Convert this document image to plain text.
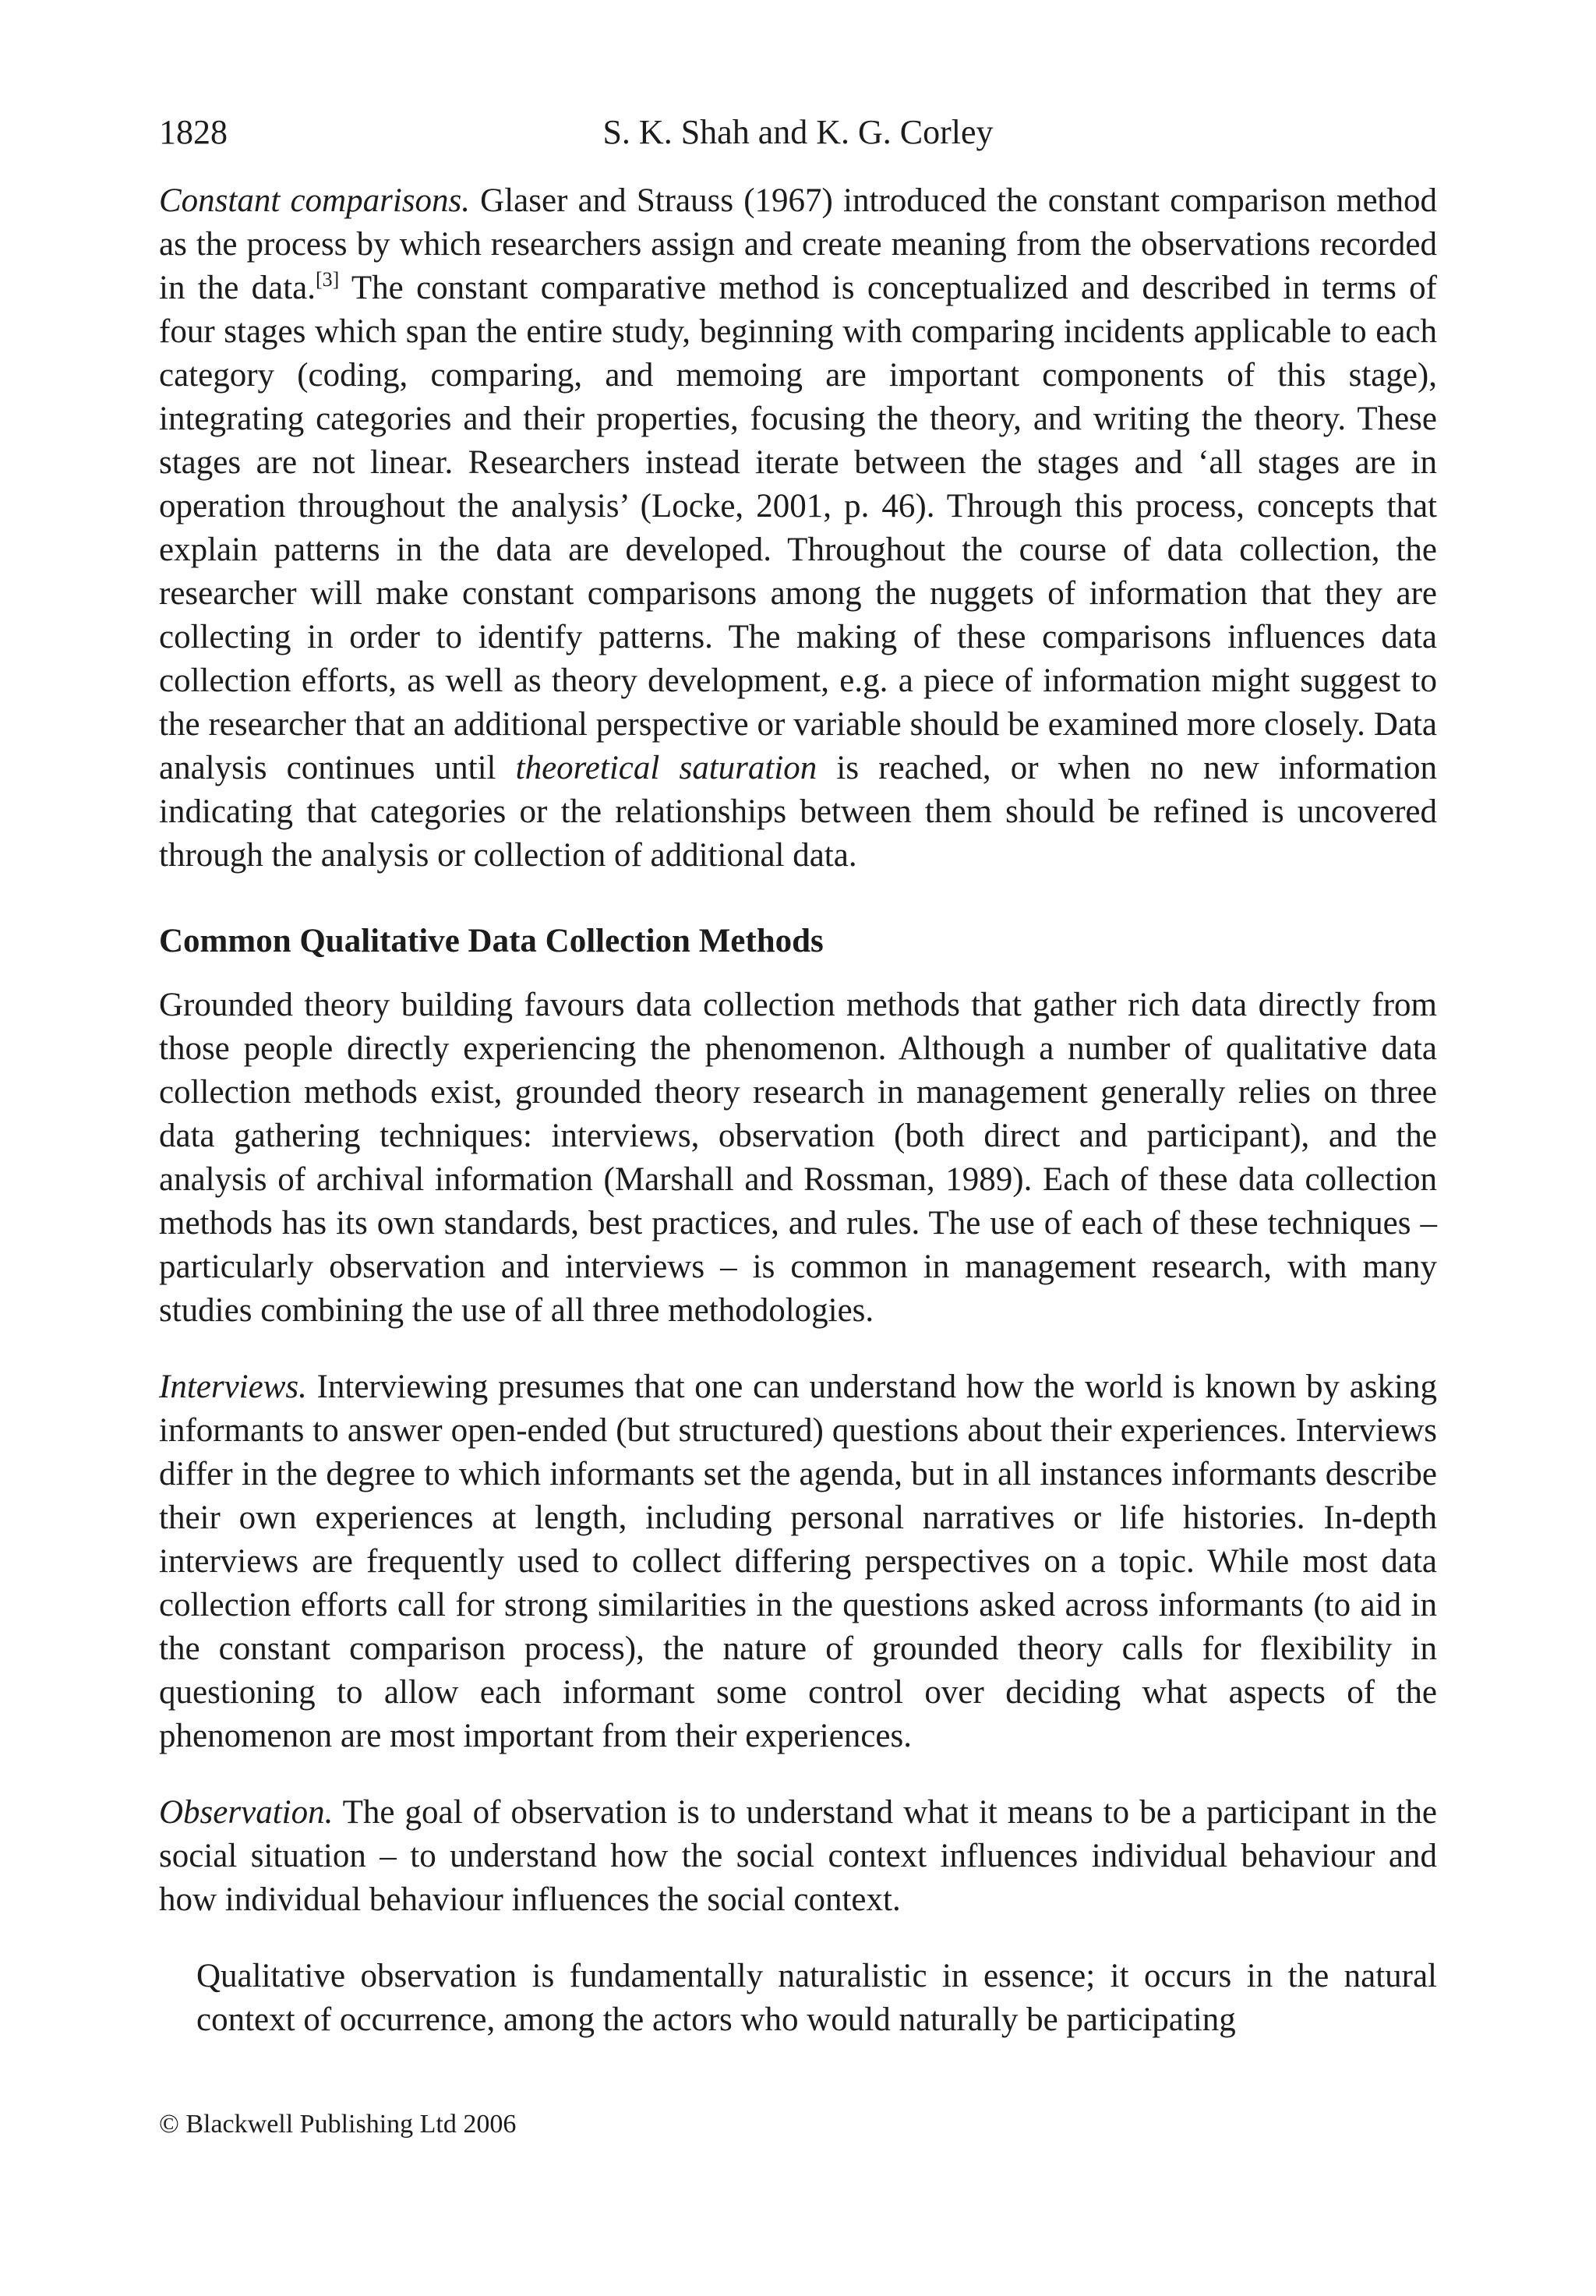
1828	S. K. Shah and K. G. Corley

Constant comparisons. Glaser and Strauss (1967) introduced the constant comparison method as the process by which researchers assign and create meaning from the observations recorded in the data.[3] The constant comparative method is conceptualized and described in terms of four stages which span the entire study, beginning with comparing incidents applicable to each category (coding, comparing, and memoing are important components of this stage), integrating categories and their properties, focusing the theory, and writing the theory. These stages are not linear. Researchers instead iterate between the stages and ‘all stages are in operation throughout the analysis’ (Locke, 2001, p. 46). Through this process, concepts that explain patterns in the data are developed. Throughout the course of data collection, the researcher will make constant comparisons among the nuggets of information that they are collecting in order to identify patterns. The making of these comparisons influences data collection efforts, as well as theory development, e.g. a piece of information might suggest to the researcher that an additional perspective or variable should be examined more closely. Data analysis continues until theoretical saturation is reached, or when no new information indicating that categories or the relationships between them should be refined is uncovered through the analysis or collection of additional data.

Common Qualitative Data Collection Methods

Grounded theory building favours data collection methods that gather rich data directly from those people directly experiencing the phenomenon. Although a number of qualitative data collection methods exist, grounded theory research in management generally relies on three data gathering techniques: interviews, observation (both direct and participant), and the analysis of archival information (Marshall and Rossman, 1989). Each of these data collection methods has its own standards, best practices, and rules. The use of each of these techniques – particularly observation and interviews – is common in management research, with many studies combining the use of all three methodologies.

Interviews. Interviewing presumes that one can understand how the world is known by asking informants to answer open-ended (but structured) questions about their experiences. Interviews differ in the degree to which informants set the agenda, but in all instances informants describe their own experiences at length, including personal narratives or life histories. In-depth interviews are frequently used to collect differing perspectives on a topic. While most data collection efforts call for strong similarities in the questions asked across informants (to aid in the constant comparison process), the nature of grounded theory calls for flexibility in questioning to allow each informant some control over deciding what aspects of the phenomenon are most important from their experiences.

Observation. The goal of observation is to understand what it means to be a participant in the social situation – to understand how the social context influences individual behaviour and how individual behaviour influences the social context.

Qualitative observation is fundamentally naturalistic in essence; it occurs in the natural context of occurrence, among the actors who would naturally be participating

© Blackwell Publishing Ltd 2006
